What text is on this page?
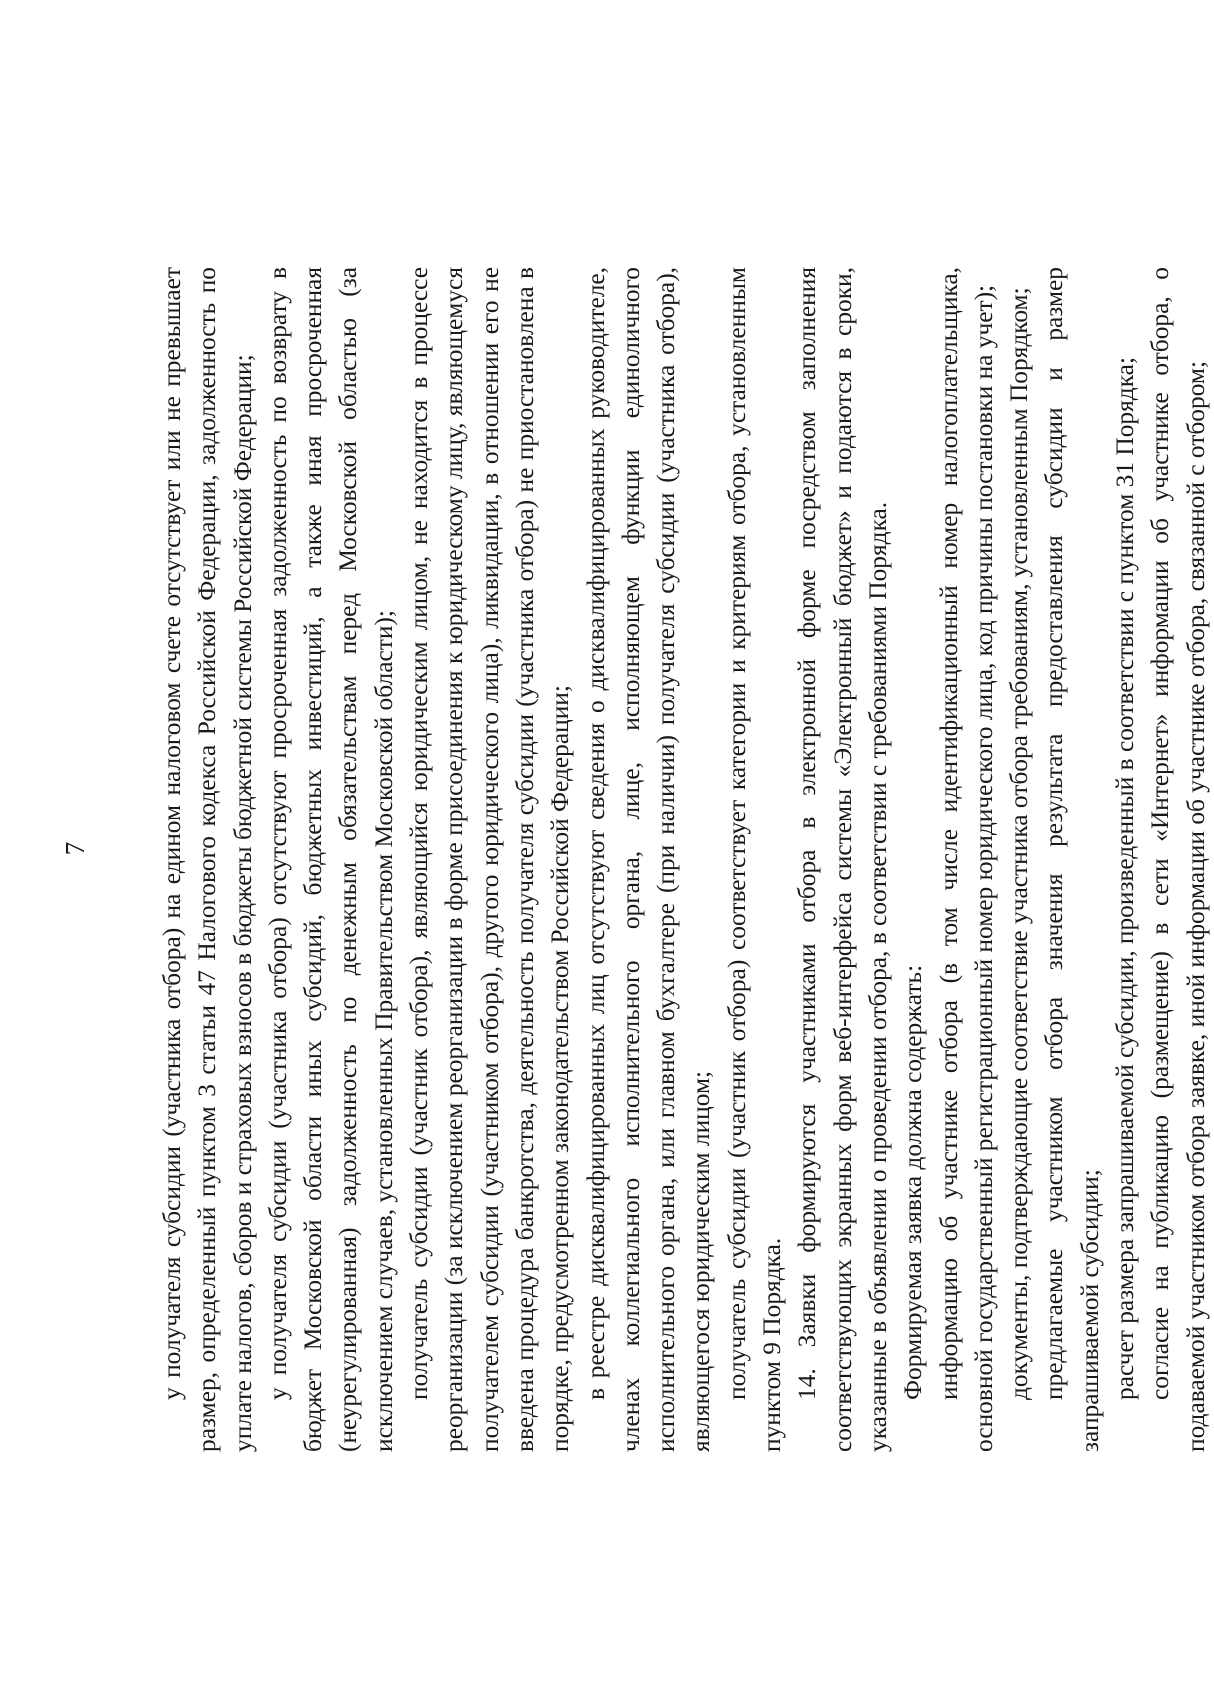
7	у получателя субсидии (участника отбора) на едином налоговом счете отсутствует или не превышает размер, определенный пунктом 3 статьи 47 Налогового кодекса Российской Федерации, задолженность по уплате налогов, сборов и страховых взносов в бюджеты бюджетной системы Российской Федерации; у получателя субсидии (участника отбора) отсутствуют просроченная задолженность по возврату в бюджет Московской области иных субсидий, бюджетных инвестиций, а также иная просроченная (неурегулированная) задолженность по денежным обязательствам перед Московской областью (за исключением случаев, установленных Правительством Московской области); получатель субсидии (участник отбора), являющийся юридическим лицом, не находится в процессе реорганизации (за исключением реорганизации в форме присоединения к юридическому лицу, являющемуся получателем субсидии (участником отбора), другого юридического лица), ликвидации, в отношении его не введена процедура банкротства, деятельность получателя субсидии (участника отбора) не приостановлена в порядке, предусмотренном законодательством Российской Федерации; в реестре дисквалифицированных лиц отсутствуют сведения о дисквалифицированных руководителе, членах коллегиального исполнительного органа, лице, исполняющем функции единоличного исполнительного органа, или главном бухгалтере (при наличии) получателя субсидии (участника отбора), являющегося юридическим лицом; получатель субсидии (участник отбора) соответствует категории и критериям отбора, установленным пунктом 9 Порядка. 14. Заявки формируются участниками отбора в электронной форме посредством заполнения соответствующих экранных форм веб-интерфейса системы «Электронный бюджет» и подаются в сроки, указанные в объявлении о проведении отбора, в соответствии с требованиями Порядка. Формируемая заявка должна содержать: информацию об участнике отбора (в том числе идентификационный номер налогоплательщика, основной государственный регистрационный номер юридического лица, код причины постановки на учет); документы, подтверждающие соответствие участника отбора требованиям, установленным Порядком; предлагаемые участником отбора значения результата предоставления субсидии и размер запрашиваемой субсидии; расчет размера запрашиваемой субсидии, произведенный в соответствии с пунктом 31 Порядка; согласие на публикацию (размещение) в сети «Интернет» информации об участнике отбора, о подаваемой участником отбора заявке, иной информации об участнике отбора, связанной с отбором;
